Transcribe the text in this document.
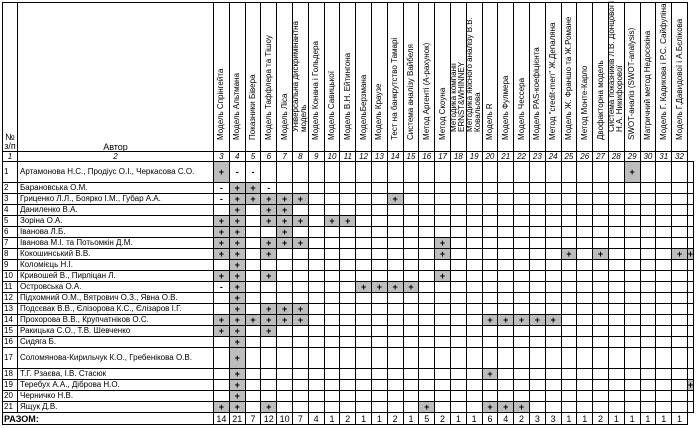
№
з/п	Автор	Модель Спрінгейта	Модель Альтмана	Показники Бівера	Модель Таффлера та Тішоу	Модель Ліса	Універсальна дискримінантна модель	Модель Конана і Гольдера	Модель Савицької	Модель В.Н. Ейтингона	МодельБерзмана	Модель Краузе	Тест на банкрутство Тамарі	Система аналізу Вайбеля	Метод Аргенті (А-рахунок)	Метод Скоуна	Методика компанії ERNST&WHINNEY	Методика якісного аналізу В.В. Ковальова	Модель R	Модель Фулмера	Модель Чессера	Модель PAS-коефіцієнта	Метод "credit-men" Ж.Депаляна	Модель Ж. Франшо та Ж.Романе	Метод Монте-Карло	Двофакторна модель	Система показників Л.В. Донцової і Н.А. Никифорової	SWOT-аналіз (SWOT-analysis)	Матричний метод Недосєкіна	Модель Г. Кадикова і Р.С. Сайфуліна	Модель Г.Давидової і А.Бєлікова	

1	2	3	4	5	6	7	8	9	10	11	12	13	14	15	16	17	18	19	20	21	22	23	24	25	26	27	28	29	30	31	32	
1	Артамонова Н.С., Продіус О.І., Черкасова С.О.	+	-	-																								+				
2	Барановська О.М.	-	+	+	-																											
3	Гриценко Л.Л., Боярко І.М., Губар А.А.	-	+	+	+	+	+						+																			
4	Даниленко В.А.		+		+	+																										
5	Зоріна О.А.	+	+		+	+	+		+	+																						
6	Іванова Л.Б.	+	+			+																										
7	Іванова М.І. та Потьомкін Д.М.	+	+		+	+	+									+																
8	Кокошинський В.В.	+	+		+											+								+		+					+	+
9	Коломієць Н.І.		+																													
10	Кривошей В., Пирліцан Л.	+	+		+											+																
11	Островська О.А.	-	+								+	+	+	+																		
12	Підхомний О.М., Вятрович О.З., Явна О.В.		+																													
13	Подсєвак В.В., Єлізорова К.С., Єлізаров І.Г.		+		+	+	+																									
14	Прохорова В.В., Крупчатніков О.С.	+	+	+	+	+	+												+	+	+	+	+									
15	Ракицька С.О., Т.В. Шевченко	+	+		+																											
16	Сидяга Б.		+																													
17	Соломянова-Кирильчук К.О., Гребенікова О.В.		+																													
18	Т.Г. Рзаєва, І.В. Стасюк		+																+													
19	Теребух А.А., Діброва Н.О.		+																													+
20	Черничко Н.В.		+																													
21	Ящук Д.В.	+	+		+										+				+	+	+											
РАЗОМ:		14	21	7	12	10	7	4	1	2	1	1	2	1	5	2	1	1	6	4	2	3	3	1	1	2	1	1	1	1	1	
